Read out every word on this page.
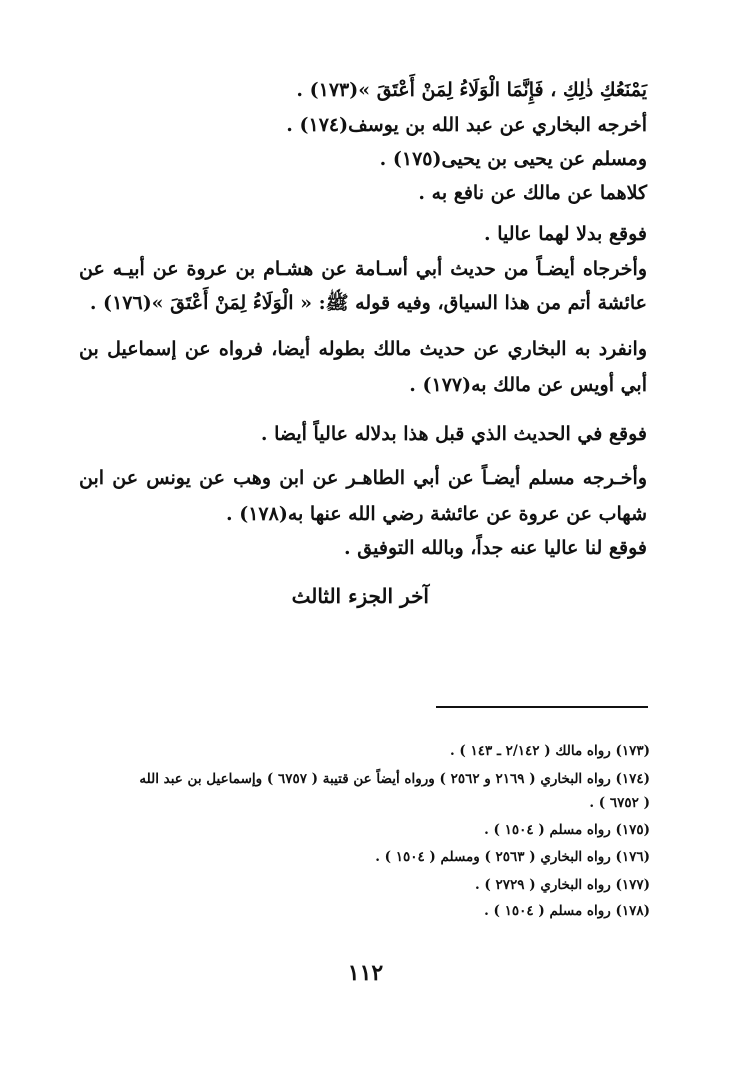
يَمْنَعُكِ ذٰلِكِ ، فَإِنَّمَا الْوَلَاءُ لِمَنْ أَعْتَقَ »(١٧٣) .
أخرجه البخاري عن عبد الله بن يوسف(١٧٤) .
ومسلم عن يحيى بن يحيى(١٧٥) .
كلاهما عن مالك عن نافع به .
فوقع بدلا لهما عاليا .
وأخرجاه أيضـاً من حديث أبي أسـامة عن هشـام بن عروة عن أبيـه عن
عائشة أتم من هذا السياق، وفيه قوله ﷺ: « الْوَلَاءُ لِمَنْ أَعْتَقَ »(١٧٦) .
وانفرد به البخاري عن حديث مالك بطوله أيضا، فرواه عن إسماعيل بن
أبي أويس عن مالك به(١٧٧) .
فوقع في الحديث الذي قبل هذا بدلاله عالياً أيضا .
وأخـرجه مسلم أيضـاً عن أبي الطاهـر عن ابن وهب عن يونس عن ابن
شهاب عن عروة عن عائشة رضي الله عنها به(١٧٨) .
فوقع لنا عاليا عنه جداً، وبالله التوفيق .
آخر الجزء الثالث
(١٧٣) رواه مالك ( ٢/١٤٢ ـ ١٤٣ ) .
(١٧٤) رواه البخاري ( ٢١٦٩ و ٢٥٦٢ ) ورواه أيضاً عن قتيبة ( ٦٧٥٧ ) وإسماعيل بن عبد الله
( ٦٧٥٢ ) .
(١٧٥) رواه مسلم ( ١٥٠٤ ) .
(١٧٦) رواه البخاري ( ٢٥٦٣ ) ومسلم ( ١٥٠٤ ) .
(١٧٧) رواه البخاري ( ٢٧٢٩ ) .
(١٧٨) رواه مسلم ( ١٥٠٤ ) .
١١٢
